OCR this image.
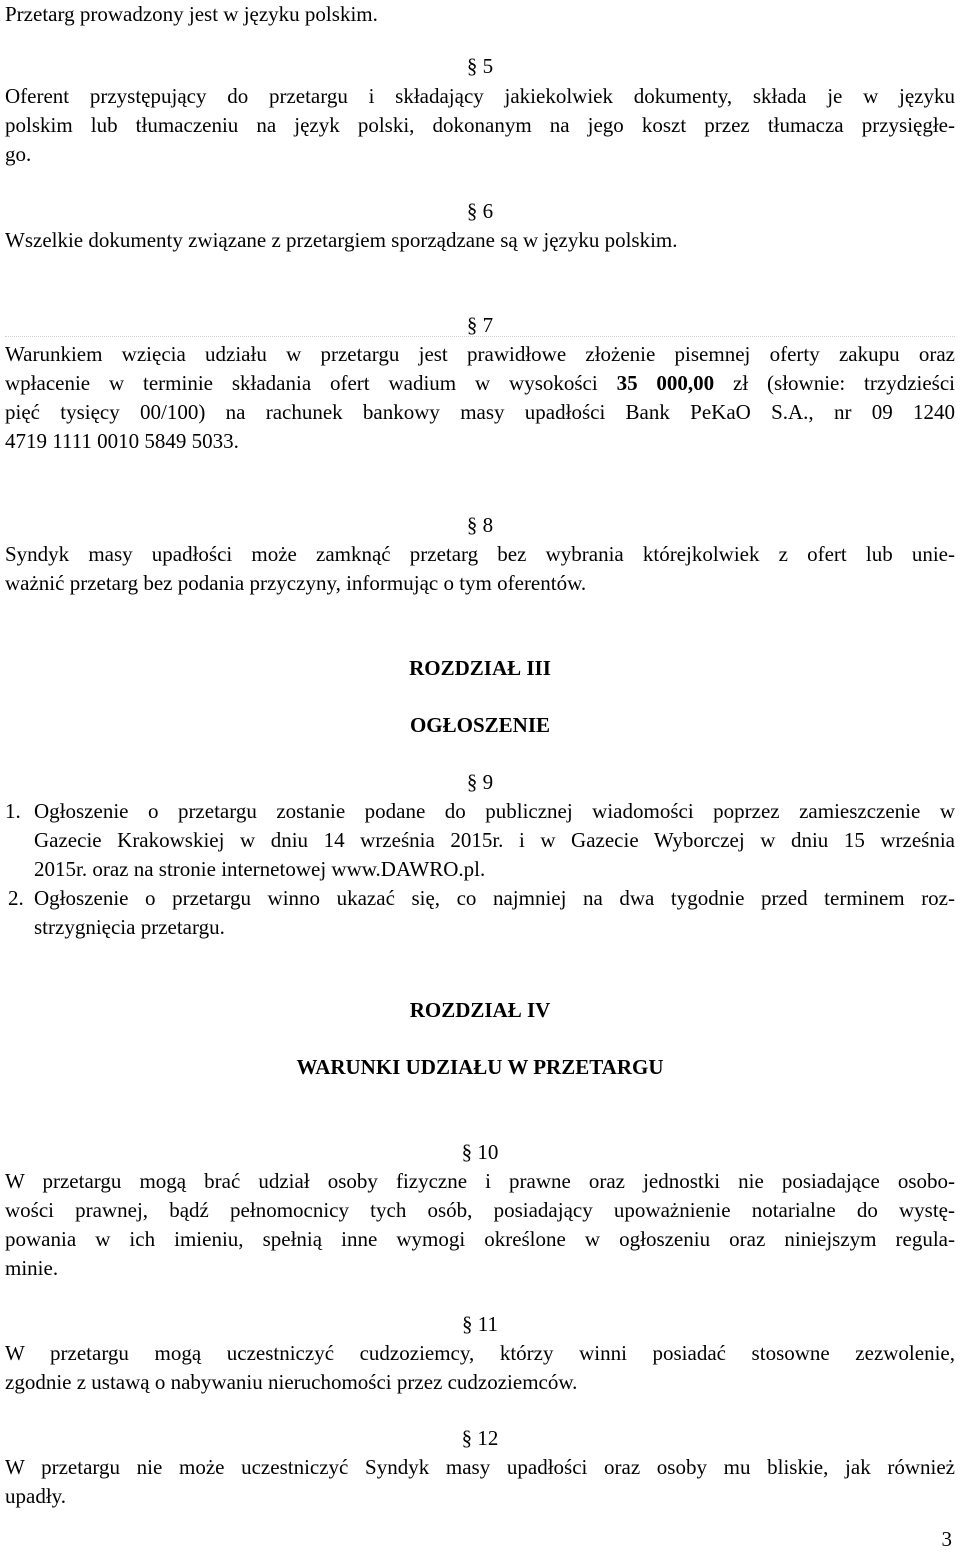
Przetarg prowadzony jest w języku polskim.
§ 5
Oferent przystępujący do przetargu i składający jakiekolwiek dokumenty, składa je w języku
polskim lub tłumaczeniu na język polski, dokonanym na jego koszt przez tłumacza przysięgłe-
go.
§ 6
Wszelkie dokumenty związane z przetargiem sporządzane są w języku polskim.
§ 7
Warunkiem wzięcia udziału w przetargu jest prawidłowe złożenie pisemnej oferty zakupu oraz
wpłacenie w terminie składania ofert wadium w wysokości 35 000,00 zł (słownie: trzydzieści
pięć tysięcy 00/100) na rachunek bankowy masy upadłości Bank PeKaO S.A., nr 09 1240
4719 1111 0010 5849 5033.
§ 8
Syndyk masy upadłości może zamknąć przetarg bez wybrania którejkolwiek z ofert lub unie-
ważnić przetarg bez podania przyczyny, informując o tym oferentów.
ROZDZIAŁ III
OGŁOSZENIE
§ 9
1. Ogłoszenie o przetargu zostanie podane do publicznej wiadomości poprzez zamieszczenie w
Gazecie Krakowskiej w dniu 14 września 2015r. i w Gazecie Wyborczej w dniu 15 września
2015r. oraz na stronie internetowej www.DAWRO.pl.
2. Ogłoszenie o przetargu winno ukazać się, co najmniej na dwa tygodnie przed terminem roz-
strzygnięcia przetargu.
ROZDZIAŁ IV
WARUNKI UDZIAŁU W PRZETARGU
§ 10
W przetargu mogą brać udział osoby fizyczne i prawne oraz jednostki nie posiadające osobo-
wości prawnej, bądź pełnomocnicy tych osób, posiadający upoważnienie notarialne do wystę-
powania w ich imieniu, spełnią inne wymogi określone w ogłoszeniu oraz niniejszym regula-
minie.
§ 11
W przetargu mogą uczestniczyć cudzoziemcy, którzy winni posiadać stosowne zezwolenie,
zgodnie z ustawą o nabywaniu nieruchomości przez cudzoziemców.
§ 12
W przetargu nie może uczestniczyć Syndyk masy upadłości oraz osoby mu bliskie, jak również
upadły.
3
